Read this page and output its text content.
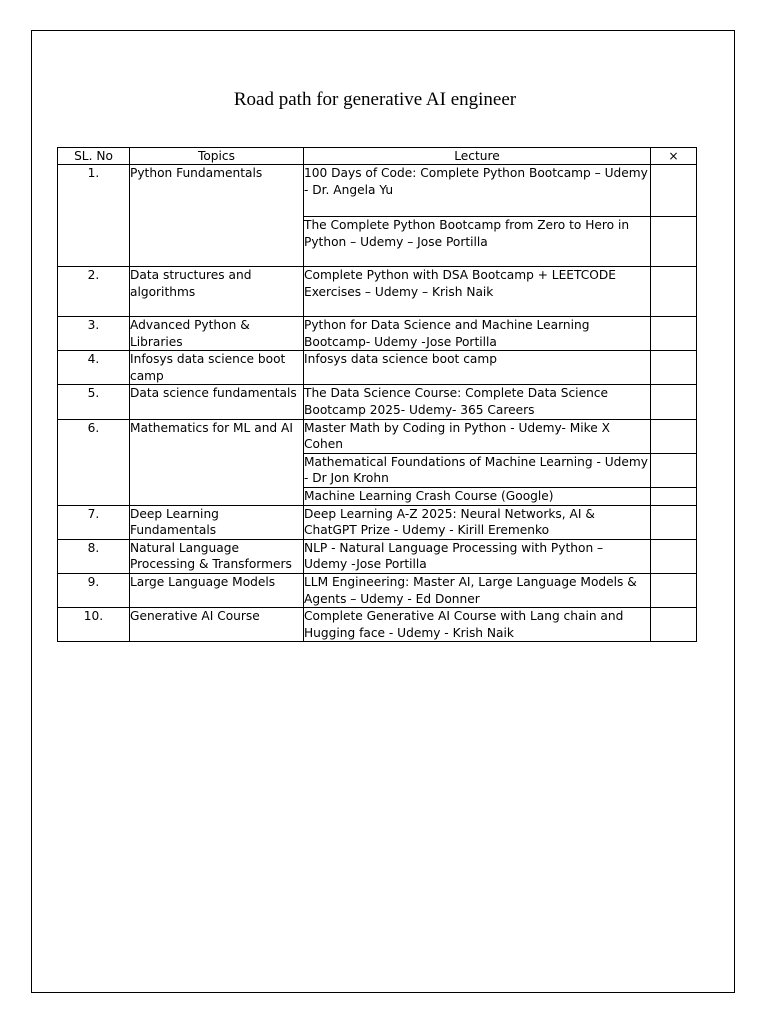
Road path for generative AI engineer
SL. No	Topics	Lecture	×
1.	Python Fundamentals	100 Days of Code: Complete Python Bootcamp – Udemy - Dr. Angela Yu	
		The Complete Python Bootcamp from Zero to Hero in Python – Udemy – Jose Portilla	
2.	Data structures and algorithms	Complete Python with DSA Bootcamp + LEETCODE Exercises – Udemy – Krish Naik	
3.	Advanced Python & Libraries	Python for Data Science and Machine Learning Bootcamp- Udemy -Jose Portilla	
4.	Infosys data science boot camp	Infosys data science boot camp	
5.	Data science fundamentals	The Data Science Course: Complete Data Science Bootcamp 2025- Udemy- 365 Careers	
6.	Mathematics for ML and AI	Master Math by Coding in Python - Udemy- Mike X Cohen	
		Mathematical Foundations of Machine Learning - Udemy - Dr Jon Krohn	
		Machine Learning Crash Course (Google)	
7.	Deep Learning Fundamentals	Deep Learning A-Z 2025: Neural Networks, AI & ChatGPT Prize - Udemy - Kirill Eremenko	
8.	Natural Language Processing & Transformers	NLP - Natural Language Processing with Python – Udemy -Jose Portilla	
9.	Large Language Models	LLM Engineering: Master AI, Large Language Models & Agents – Udemy - Ed Donner	
10.	Generative AI Course	Complete Generative AI Course with Lang chain and Hugging face - Udemy - Krish Naik	
